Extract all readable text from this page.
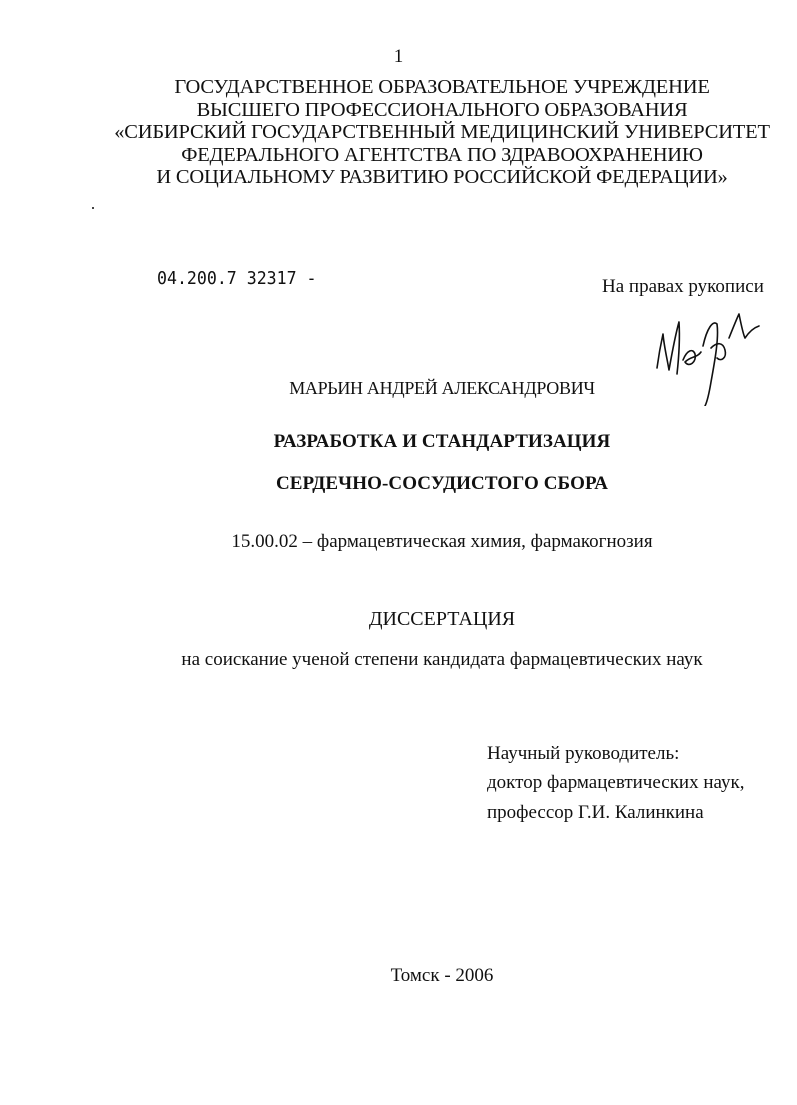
1
ГОСУДАРСТВЕННОЕ ОБРАЗОВАТЕЛЬНОЕ УЧРЕЖДЕНИЕ
ВЫСШЕГО ПРОФЕССИОНАЛЬНОГО ОБРАЗОВАНИЯ
«СИБИРСКИЙ ГОСУДАРСТВЕННЫЙ МЕДИЦИНСКИЙ УНИВЕРСИТЕТ
ФЕДЕРАЛЬНОГО АГЕНТСТВА ПО ЗДРАВООХРАНЕНИЮ
И СОЦИАЛЬНОМУ РАЗВИТИЮ РОССИЙСКОЙ ФЕДЕРАЦИИ»
04.200.7 32317 -	На правах рукописи
МАРЬИН АНДРЕЙ АЛЕКСАНДРОВИЧ
РАЗРАБОТКА И СТАНДАРТИЗАЦИЯ
СЕРДЕЧНО-СОСУДИСТОГО СБОРА
15.00.02 – фармацевтическая химия, фармакогнозия
ДИССЕРТАЦИЯ
на соискание ученой степени кандидата фармацевтических наук
Научный руководитель:
доктор фармацевтических наук,
профессор Г.И. Калинкина
Томск - 2006
